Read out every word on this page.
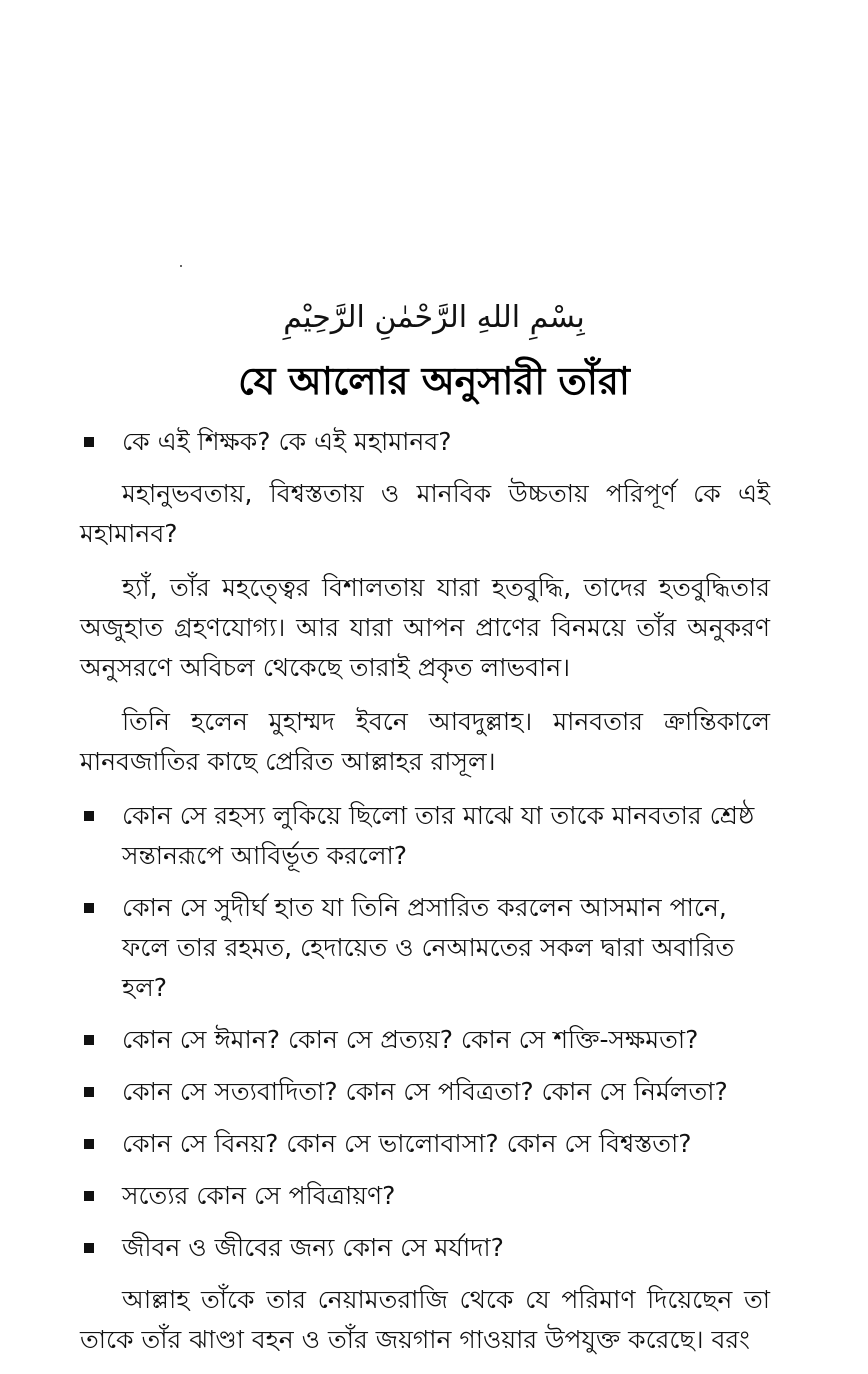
بِسْمِ اللهِ الرَّحْمٰنِ الرَّحِيْمِ
যে আলোর অনুসারী তাঁরা
কে এই শিক্ষক? কে এই মহামানব?
মহানুভবতায়, বিশ্বস্ততায় ও মানবিক উচ্চতায় পরিপূর্ণ কে এই মহামানব?
হ্যাঁ, তাঁর মহত্ত্বের বিশালতায় যারা হতবুদ্ধি, তাদের হতবুদ্ধিতার অজুহাত গ্রহণযোগ্য। আর যারা আপন প্রাণের বিনময়ে তাঁর অনুকরণ অনুসরণে অবিচল থেকেছে তারাই প্রকৃত লাভবান।
তিনি হলেন মুহাম্মদ ইবনে আবদুল্লাহ। মানবতার ক্রান্তিকালে মানবজাতির কাছে প্রেরিত আল্লাহর রাসূল।
কোন সে রহস্য লুকিয়ে ছিলো তার মাঝে যা তাকে মানবতার শ্রেষ্ঠ সন্তানরূপে আবির্ভূত করলো?
কোন সে সুদীর্ঘ হাত যা তিনি প্রসারিত করলেন আসমান পানে, ফলে তার রহমত, হেদায়েত ও নেআমতের সকল দ্বারা অবারিত হল?
কোন সে ঈমান? কোন সে প্রত্যয়? কোন সে শক্তি-সক্ষমতা?
কোন সে সত্যবাদিতা? কোন সে পবিত্রতা? কোন সে নির্মলতা?
কোন সে বিনয়? কোন সে ভালোবাসা? কোন সে বিশ্বস্ততা?
সত্যের কোন সে পবিত্রায়ণ?
জীবন ও জীবের জন্য কোন সে মর্যাদা?
আল্লাহ তাঁকে তার নেয়ামতরাজি থেকে যে পরিমাণ দিয়েছেন তা তাকে তাঁর ঝাণ্ডা বহন ও তাঁর জয়গান গাওয়ার উপযুক্ত করেছে। বরং
